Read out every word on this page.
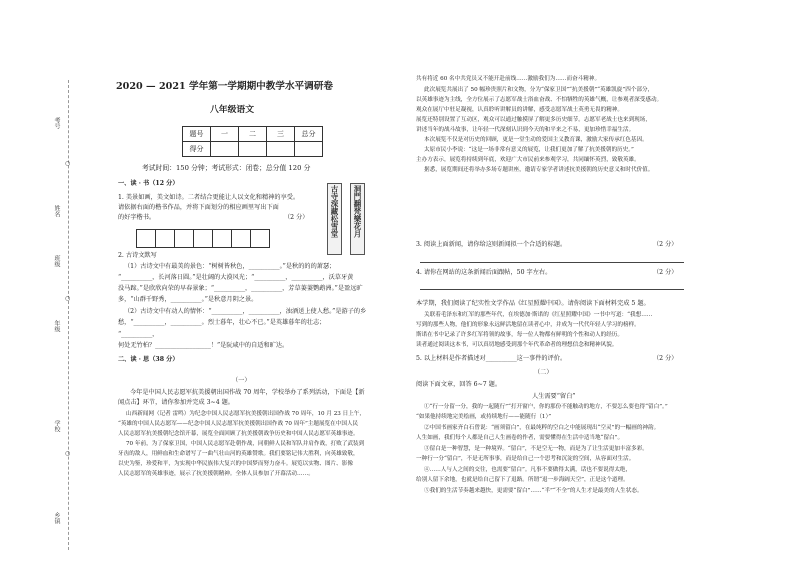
考号
姓名
班级
年级
学校
乡镇
○
○
○
2020 — 2021 学年第一学期期中教学水平调研卷
八年级语文
题号	一	二	三	总分
得分				
考试时间：150 分钟；考试形式：闭卷；总分值 120 分
一、读 · 书（12 分）
1. 美景如画，美文如诗。二者结合更能让人以文化和精神的享受。
请依据右面的楷书作品，并将下面划分的相应画里写出下面
的好字楷书。	（2 分）	古寺深藏松雪堂	洞門翻梵樂花月
2. 古诗文默写
（1）古诗文中有最美的景色：“树树皆秋色，__________。”是秋的的的萧瑟；
“__________，长河落日圆。”是壮阔的大漠风光；“__________，__________，沃草牙黄
没马蹄。”是欣欣向荣的早春景象；“__________，__________，芳草萋萋鹦鹉洲。”是盈远旷
多，“山群千野秀，__________。”是秋意月阴之景。
（2）古诗文中有动人的情怀：“__________，__________，浊酒送上使人愁。”是游子的乡
愁，“__________，__________。烈士暮年，壮心不已。”是英雄暮年的壮志；
“__________，
何处无竹柏？__________________！”是阮咸中的自适和旷达。
二、读 · 思（38 分）
（一）
今年是中国人民志愿军抗美援朝出国作战 70 周年，学校举办了系列活动，下面是【新
闻点击】环节，请你参加并完成 3~4 题。
山西新闻网（记者 雷鸣）为纪念中国人民志愿军抗美援朝出国作战 70 周年，10 月 23 日上午，
“英雄的中国人民志愿军——纪念中国人民志愿军抗美援朝出国作战 70 周年”主题展览在中国人民
人民志愿军抗美援朝纪念馆开幕，展览全面回顾了抗美援朝战争历史和中国人民志愿军英雄事迹。
70 年前，为了保家卫国，中国人民志愿军赴朝作战，同朝鲜人民和军队并肩作战，打败了武装到
牙齿的敌人，用鲜血和生命谱写了一曲气壮山河的英雄赞歌。我们要铭记伟大胜利，向英雄致敬，
以史为鉴，珍爱和平，为实现中华民族伟大复兴的中国梦而努力奋斗。展览以实物、图片、影像
人民志愿军的英雄事迹，展示了抗美援朝精神。全体人员参加了开幕活动……。
共有将近 60 名中共党员又不能开赴前线……激励我们为……而奋斗精神。
此次展览共展出了 50 幅珍贵照片和文物，分为“保家卫国”“抗美援朝”“英雄凯旋”四个部分，
以英雄事迹为主线，全方位展示了志愿军战士浴血奋战、不怕牺牲的英雄气概，让参观者深受感动。
观众在展厅中驻足凝视，认真聆听讲解员的讲解，感受志愿军战士英勇无畏的精神。
展览还特别设置了互动区，观众可以通过触摸屏了解更多历史细节。志愿军老战士也来到现场，
讲述当年的战斗故事，让年轻一代深刻认识到今天的和平来之不易，更加珍惜幸福生活。
本次展览不仅是对历史的回顾，更是一堂生动的爱国主义教育课，激励大家传承红色基因。
太原市民小李说：“这是一场非常有意义的展览，让我们更加了解了抗美援朝的历史。”
主办方表示，展览将持续到年底，欢迎广大市民前来参观学习，共同缅怀英烈，致敬英雄。
据悉，展览期间还将举办多场专题讲座，邀请专家学者讲述抗美援朝的历史意义和时代价值。
3. 阅读上面新闻，请你给这则新闻拟一个合适的标题。	（2 分）
4. 请你在网站的这条新闻后面跟帖，50 字左右。	（2 分）
本学期，我们阅读了纪实性文学作品《红星照耀中国》。请你阅读下面材料完成 5 题。
关联着毛泽东和红军的那些年代，在埃德加·斯诺的《红星照耀中国》一书中写道：“我想……
写到的那些人物，他们的形象永远鲜活地留在读者心中，并成为一代代年轻人学习的榜样。
斯诺在书中记录了许多红军将领的故事，每一位人物都有鲜明的个性和动人的经历。
读者通过阅读这本书，可以真切地感受到那个年代革命者的理想信念和精神风貌。
5. 以上材料是作者描述对__________这一事件的评价。	（2 分）
（二）
阅读下面文章，回答 6~7 题。
人生需要“留白”
①“行一分留一分，我的一起随行”“打开窗户，你的那份不能触动的地方，不要怎么要也得“留白”。”
“如果他持续地完美绘画，或持续地行——能随行（1）”
②中国书画家齐白石曾说：“画须留白”，在最纯粹的空白之中能展现出“空灵”的一幅画的神韵。
人生如画，我们每个人都是自己人生画卷的作者，需要懂得在生活中适当地“留白”。
③留白是一种智慧，是一种境界。“留白”，不是空无一物，而是为了让生活更加丰富多彩。
一种行一分“留白”，不是无所事事，而是给自己一个思考和沉淀的空间，从容面对生活。
④……人与人之间的交往，也需要“留白”。凡事不要做得太满，话也不要说得太绝，
给别人留下余地，也就是给自己留下了退路。所谓“退一步海阔天空”，正是这个道理。
⑤我们的生活节奏越来越快，更需要“留白”……“半”“不全”的人生才是最美的人生状态。
